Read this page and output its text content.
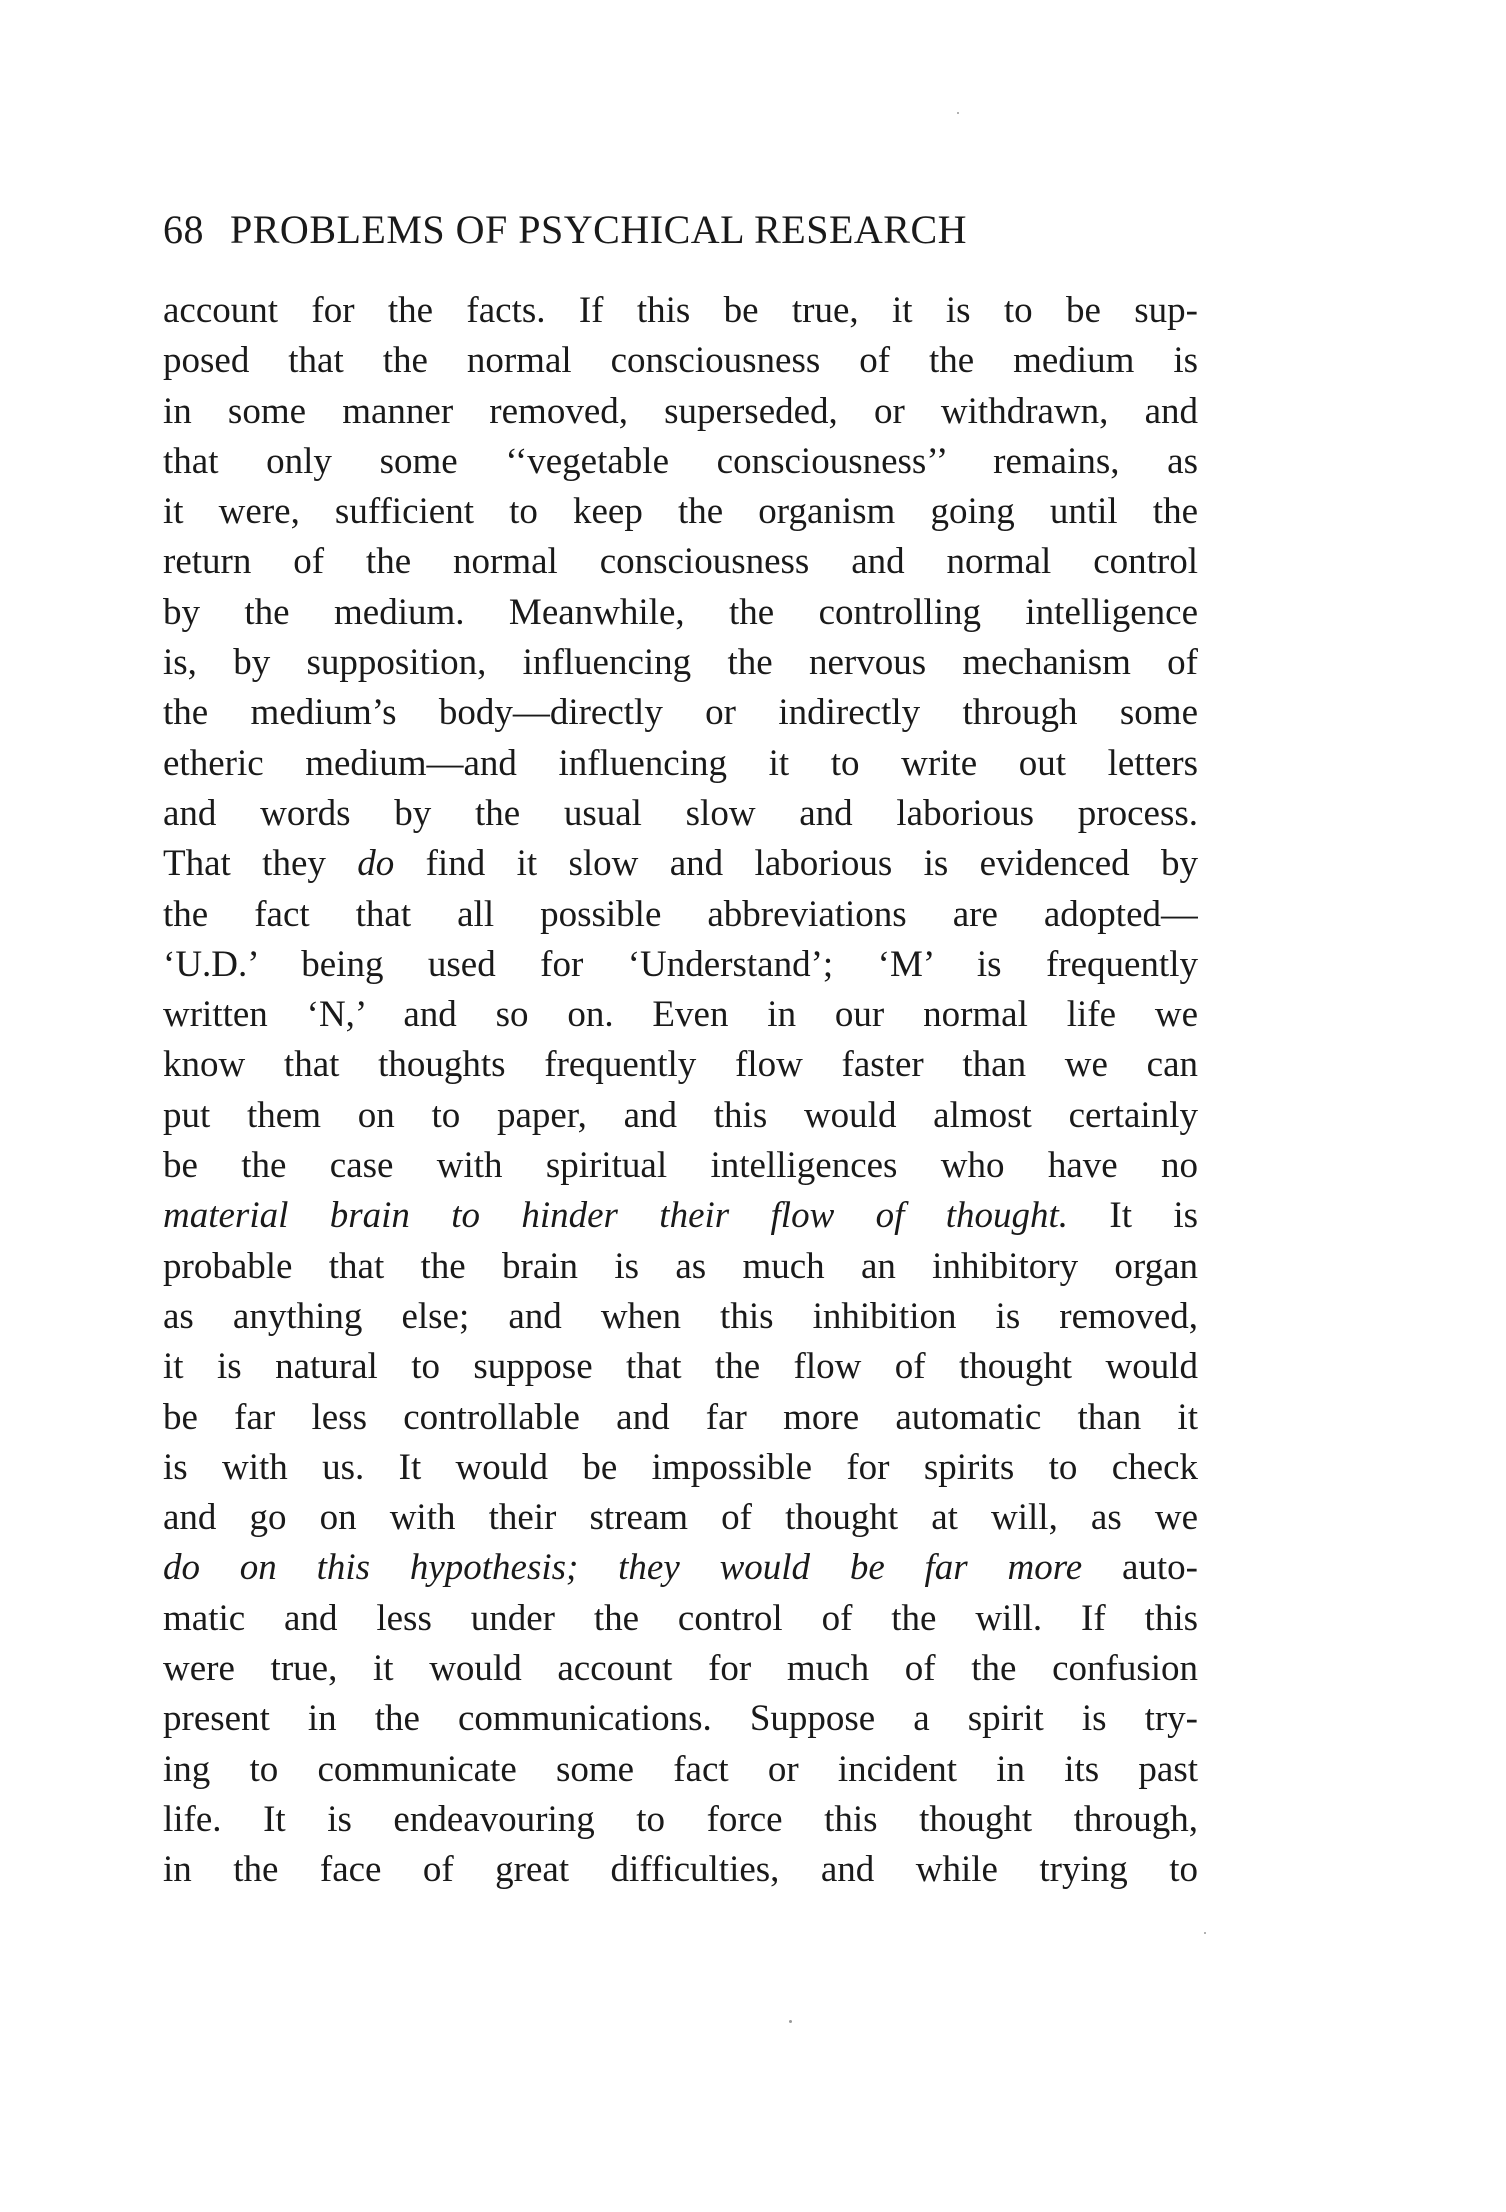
68 PROBLEMS OF PSYCHICAL RESEARCH
account for the facts. If this be true, it is to be sup-
posed that the normal consciousness of the medium is
in some manner removed, superseded, or withdrawn, and
that only some ‘‘vegetable consciousness’’ remains, as
it were, sufficient to keep the organism going until the
return of the normal consciousness and normal control
by the medium. Meanwhile, the controlling intelligence
is, by supposition, influencing the nervous mechanism of
the medium’s body—directly or indirectly through some
etheric medium—and influencing it to write out letters
and words by the usual slow and laborious process.
That they do find it slow and laborious is evidenced by
the fact that all possible abbreviations are adopted—
‘U.D.’ being used for ‘Understand’; ‘M’ is frequently
written ‘N,’ and so on. Even in our normal life we
know that thoughts frequently flow faster than we can
put them on to paper, and this would almost certainly
be the case with spiritual intelligences who have no
material brain to hinder their flow of thought. It is
probable that the brain is as much an inhibitory organ
as anything else; and when this inhibition is removed,
it is natural to suppose that the flow of thought would
be far less controllable and far more automatic than it
is with us. It would be impossible for spirits to check
and go on with their stream of thought at will, as we
do on this hypothesis; they would be far more auto-
matic and less under the control of the will. If this
were true, it would account for much of the confusion
present in the communications. Suppose a spirit is try-
ing to communicate some fact or incident in its past
life. It is endeavouring to force this thought through,
in the face of great difficulties, and while trying to
